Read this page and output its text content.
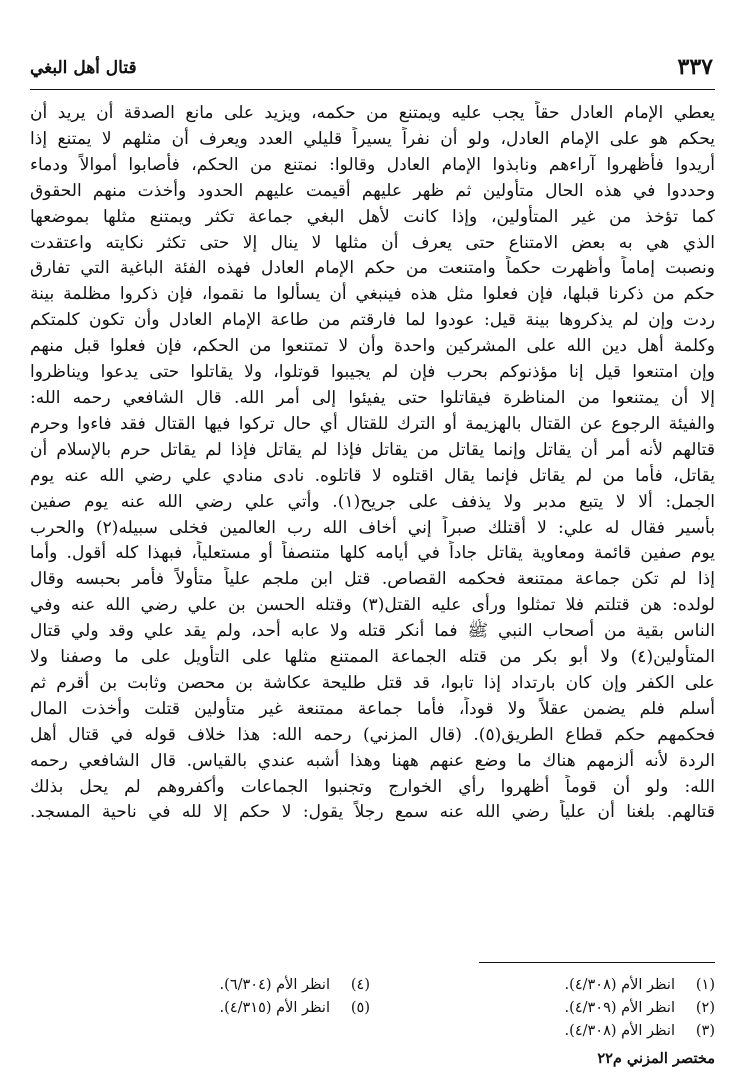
٣٣٧
قتال أهل البغي
يعطي الإمام العادل حقاً يجب عليه ويمتنع من حكمه، ويزيد على مانع الصدقة أن يريد أن
يحكم هو على الإمام العادل، ولو أن نفراً يسيراً قليلي العدد ويعرف أن مثلهم لا يمتنع إذا
أريدوا فأظهروا آراءهم ونابذوا الإمام العادل وقالوا: نمتنع من الحكم، فأصابوا أموالاً ودماء
وحددوا في هذه الحال متأولين ثم ظهر عليهم أقيمت عليهم الحدود وأخذت منهم الحقوق
كما تؤخذ من غير المتأولين، وإذا كانت لأهل البغي جماعة تكثر ويمتنع مثلها بموضعها
الذي هي به بعض الامتناع حتى يعرف أن مثلها لا ينال إلا حتى تكثر نكايته واعتقدت
ونصبت إماماً وأظهرت حكماً وامتنعت من حكم الإمام العادل فهذه الفئة الباغية التي تفارق
حكم من ذكرنا قبلها، فإن فعلوا مثل هذه فينبغي أن يسألوا ما نقموا، فإن ذكروا مظلمة بينة
ردت وإن لم يذكروها بينة قيل: عودوا لما فارقتم من طاعة الإمام العادل وأن تكون كلمتكم
وكلمة أهل دين الله على المشركين واحدة وأن لا تمتنعوا من الحكم، فإن فعلوا قبل منهم
وإن امتنعوا قيل إنا مؤذنوكم بحرب فإن لم يجيبوا قوتلوا، ولا يقاتلوا حتى يدعوا ويناظروا
إلا أن يمتنعوا من المناظرة فيقاتلوا حتى يفيئوا إلى أمر الله. قال الشافعي رحمه الله:
والفيئة الرجوع عن القتال بالهزيمة أو الترك للقتال أي حال تركوا فيها القتال فقد فاءوا وحرم
قتالهم لأنه أمر أن يقاتل وإنما يقاتل من يقاتل فإذا لم يقاتل فإذا لم يقاتل حرم بالإسلام أن
يقاتل، فأما من لم يقاتل فإنما يقال اقتلوه لا قاتلوه. نادى منادي علي رضي الله عنه يوم
الجمل: ألا لا يتبع مدبر ولا يذفف على جريح(١). وأتي علي رضي الله عنه يوم صفين
بأسير فقال له علي: لا أقتلك صبراً إني أخاف الله رب العالمين فخلى سبيله(٢) والحرب
يوم صفين قائمة ومعاوية يقاتل جاداً في أيامه كلها متنصفاً أو مستعلياً، فبهذا كله أقول. وأما
إذا لم تكن جماعة ممتنعة فحكمه القصاص. قتل ابن ملجم علياً متأولاً فأمر بحبسه وقال
لولده: هن قتلتم فلا تمثلوا ورأى عليه القتل(٣) وقتله الحسن بن علي رضي الله عنه وفي
الناس بقية من أصحاب النبي ﷺ فما أنكر قتله ولا عابه أحد، ولم يقد علي وقد ولي قتال
المتأولين(٤) ولا أبو بكر من قتله الجماعة الممتنع مثلها على التأويل على ما وصفنا ولا
على الكفر وإن كان بارتداد إذا تابوا، قد قتل طليحة عكاشة بن محصن وثابت بن أقرم ثم
أسلم فلم يضمن عقلاً ولا قوداً، فأما جماعة ممتنعة غير متأولين قتلت وأخذت المال
فحكمهم حكم قطاع الطريق(٥). (قال المزني) رحمه الله: هذا خلاف قوله في قتال أهل
الردة لأنه ألزمهم هناك ما وضع عنهم ههنا وهذا أشبه عندي بالقياس. قال الشافعي رحمه
الله: ولو أن قوماً أظهروا رأي الخوارج وتجنبوا الجماعات وأكفروهم لم يحل بذلك
قتالهم. بلغنا أن علياً رضي الله عنه سمع رجلاً يقول: لا حكم إلا لله في ناحية المسجد.
(١)انظر الأم (٤/٣٠٨).
(٢)انظر الأم (٤/٣٠٩).
(٣)انظر الأم (٤/٣٠٨).
(٤)انظر الأم (٦/٣٠٤).
(٥)انظر الأم (٤/٣١٥).
مختصر المزني م٢٢
